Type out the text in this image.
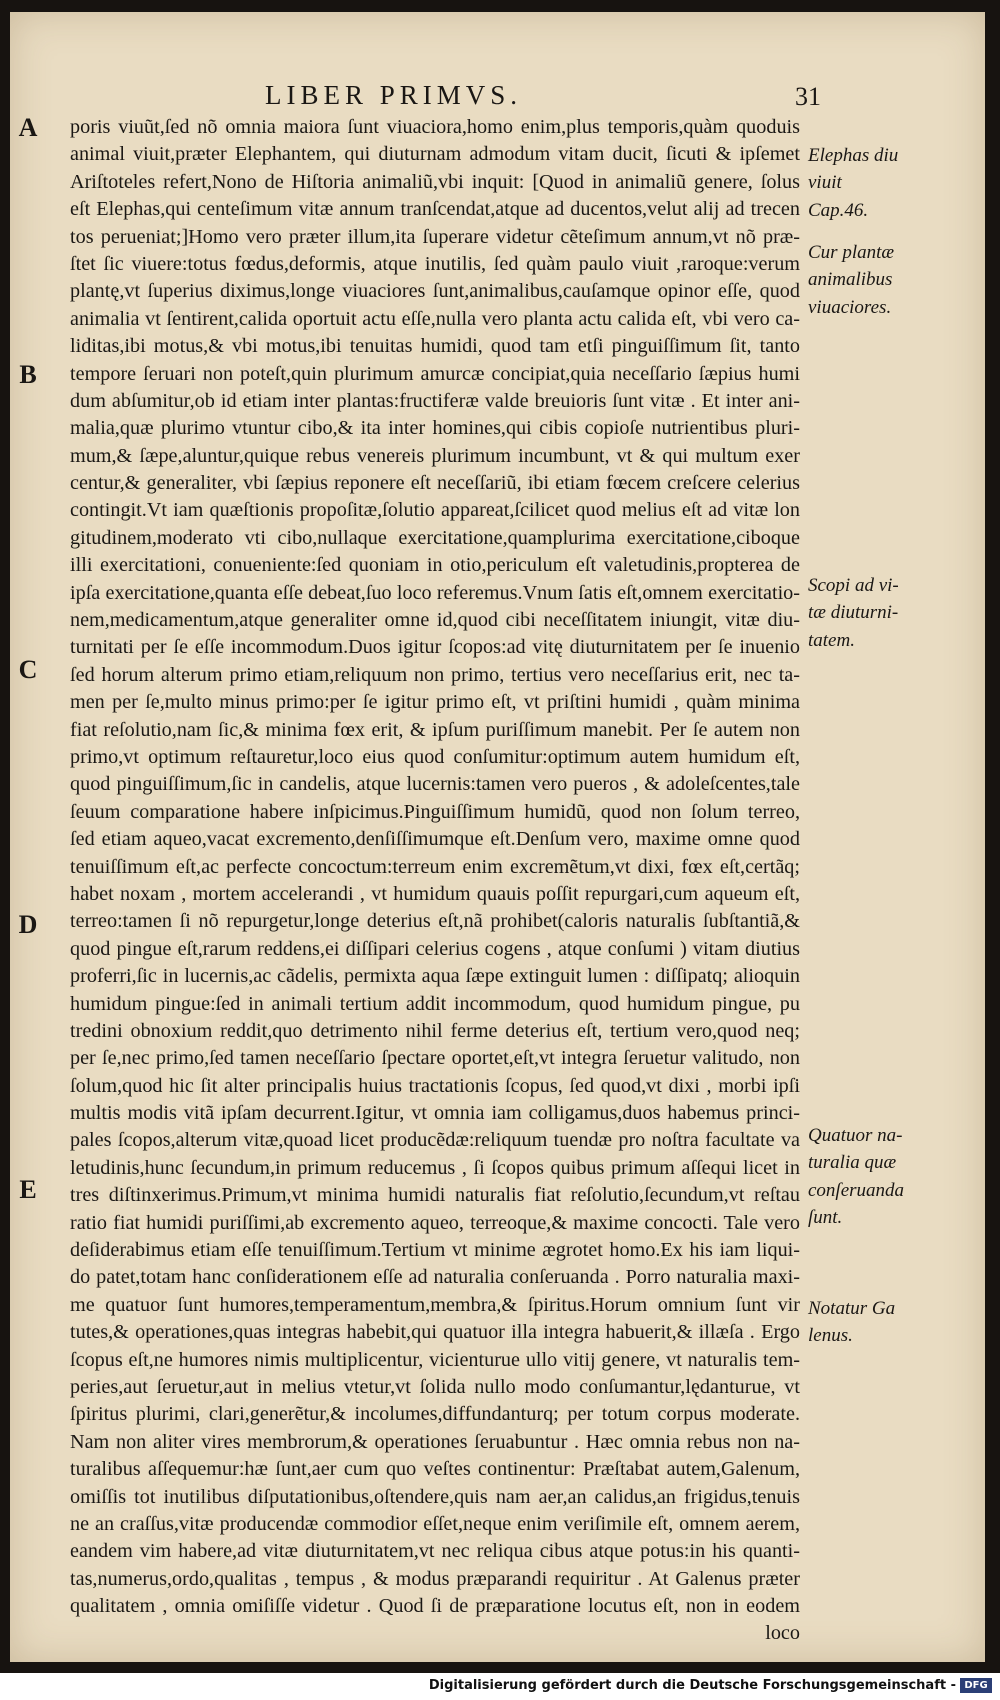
LIBER PRIMVS.	31
A
B
C
D
E
poris viuũt,ſed nõ omnia maiora ſunt viuaciora,homo enim,plus temporis,quàm quoduis
animal viuit,præter Elephantem, qui diuturnam admodum vitam ducit, ſicuti & ipſemet
Ariſtoteles refert,Nono de Hiſtoria animaliũ,vbi inquit: [Quod in animaliũ genere, ſolus
eſt Elephas,qui centeſimum vitæ annum tranſcendat,atque ad ducentos,velut alij ad trecen
tos perueniat;]Homo vero præter illum,ita ſuperare videtur cẽteſimum annum,vt nõ præ-
ſtet ſic viuere:totus fœdus,deformis, atque inutilis, ſed quàm paulo viuit ,raroque:verum
plantę,vt ſuperius diximus,longe viuaciores ſunt,animalibus,cauſamque opinor eſſe, quod
animalia vt ſentirent,calida oportuit actu eſſe,nulla vero planta actu calida eſt, vbi vero ca-
liditas,ibi motus,& vbi motus,ibi tenuitas humidi, quod tam etſi pinguiſſimum ſit, tanto
tempore ſeruari non poteſt,quin plurimum amurcæ concipiat,quia neceſſario ſæpius humi
dum abſumitur,ob id etiam inter plantas:fructiferæ valde breuioris ſunt vitæ . Et inter ani-
malia,quæ plurimo vtuntur cibo,& ita inter homines,qui cibis copioſe nutrientibus pluri-
mum,& ſæpe,aluntur,quique rebus venereis plurimum incumbunt, vt & qui multum exer
centur,& generaliter, vbi ſæpius reponere eſt neceſſariũ, ibi etiam fœcem creſcere celerius
contingit.Vt iam quæſtionis propoſitæ,ſolutio appareat,ſcilicet quod melius eſt ad vitæ lon
gitudinem,moderato vti cibo,nullaque exercitatione,quamplurima exercitatione,ciboque
illi exercitationi, conueniente:ſed quoniam in otio,periculum eſt valetudinis,propterea de
ipſa exercitatione,quanta eſſe debeat,ſuo loco referemus.Vnum ſatis eſt,omnem exercitatio-
nem,medicamentum,atque generaliter omne id,quod cibi neceſſitatem iniungit, vitæ diu-
turnitati per ſe eſſe incommodum.Duos igitur ſcopos:ad vitę diuturnitatem per ſe inuenio
ſed horum alterum primo etiam,reliquum non primo, tertius vero neceſſarius erit, nec ta-
men per ſe,multo minus primo:per ſe igitur primo eſt, vt priſtini humidi , quàm minima
fiat reſolutio,nam ſic,& minima fœx erit, & ipſum puriſſimum manebit. Per ſe autem non
primo,vt optimum reſtauretur,loco eius quod conſumitur:optimum autem humidum eſt,
quod pinguiſſimum,ſic in candelis, atque lucernis:tamen vero pueros , & adoleſcentes,tale
ſeuum comparatione habere inſpicimus.Pinguiſſimum humidũ, quod non ſolum terreo,
ſed etiam aqueo,vacat excremento,denſiſſimumque eſt.Denſum vero, maxime omne quod
tenuiſſimum eſt,ac perfecte concoctum:terreum enim excremẽtum,vt dixi, fœx eſt,certãq;
habet noxam , mortem accelerandi , vt humidum quauis poſſit repurgari,cum aqueum eſt,
terreo:tamen ſi nõ repurgetur,longe deterius eſt,nã prohibet(caloris naturalis ſubſtantiã,&
quod pingue eſt,rarum reddens,ei diſſipari celerius cogens , atque conſumi ) vitam diutius
proferri,ſic in lucernis,ac cãdelis, permixta aqua ſæpe extinguit lumen : diſſipatq; alioquin
humidum pingue:ſed in animali tertium addit incommodum, quod humidum pingue, pu
tredini obnoxium reddit,quo detrimento nihil ferme deterius eſt, tertium vero,quod neq;
per ſe,nec primo,ſed tamen neceſſario ſpectare oportet,eſt,vt integra ſeruetur valitudo, non
ſolum,quod hic ſit alter principalis huius tractationis ſcopus, ſed quod,vt dixi , morbi ipſi
multis modis vitã ipſam decurrent.Igitur, vt omnia iam colligamus,duos habemus princi-
pales ſcopos,alterum vitæ,quoad licet producẽdæ:reliquum tuendæ pro noſtra facultate va
letudinis,hunc ſecundum,in primum reducemus , ſi ſcopos quibus primum aſſequi licet in
tres diſtinxerimus.Primum,vt minima humidi naturalis fiat reſolutio,ſecundum,vt reſtau
ratio fiat humidi puriſſimi,ab excremento aqueo, terreoque,& maxime concocti. Tale vero
deſiderabimus etiam eſſe tenuiſſimum.Tertium vt minime ægrotet homo.Ex his iam liqui-
do patet,totam hanc conſiderationem eſſe ad naturalia conſeruanda . Porro naturalia maxi-
me quatuor ſunt humores,temperamentum,membra,& ſpiritus.Horum omnium ſunt vir
tutes,& operationes,quas integras habebit,qui quatuor illa integra habuerit,& illæſa . Ergo
ſcopus eſt,ne humores nimis multiplicentur, vicienturue ullo vitij genere, vt naturalis tem-
peries,aut ſeruetur,aut in melius vtetur,vt ſolida nullo modo conſumantur,lędanturue, vt
ſpiritus plurimi, clari,generẽtur,& incolumes,diffundanturq; per totum corpus moderate.
Nam non aliter vires membrorum,& operationes ſeruabuntur . Hæc omnia rebus non na-
turalibus aſſequemur:hæ ſunt,aer cum quo veſtes continentur: Præſtabat autem,Galenum,
omiſſis tot inutilibus diſputationibus,oſtendere,quis nam aer,an calidus,an frigidus,tenuis
ne an craſſus,vitæ producendæ commodior eſſet,neque enim veriſimile eſt, omnem aerem,
eandem vim habere,ad vitæ diuturnitatem,vt nec reliqua cibus atque potus:in his quanti-
tas,numerus,ordo,qualitas , tempus , & modus præparandi requiritur . At Galenus præter
qualitatem , omnia omiſiſſe videtur . Quod ſi de præparatione locutus eſt, non in eodem
loco
Elephas diu
viuit
Cap.46.
Cur plantæ
animalibus
viuaciores.
Scopi ad vi-
tæ diuturni-
tatem.
Quatuor na-
turalia quæ
conſeruanda
ſunt.
Notatur Ga
lenus.
Digitalisierung gefördert durch die Deutsche Forschungsgemeinschaft - DFG
